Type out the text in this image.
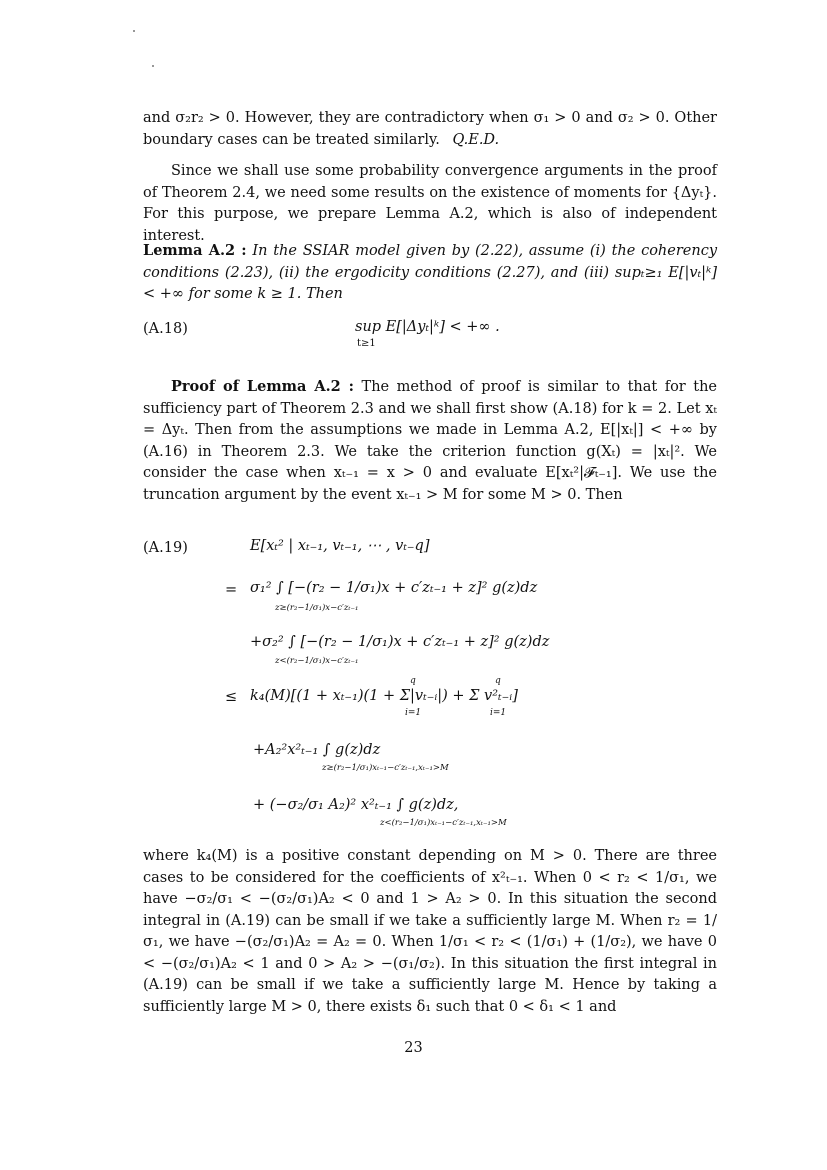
and σ₂r₂ > 0. However, they are contradictory when σ₁ > 0 and σ₂ > 0. Other boundary cases can be treated similarly. Q.E.D.
Since we shall use some probability convergence arguments in the proof of Theorem 2.4, we need some results on the existence of moments for {Δyₜ}. For this purpose, we prepare Lemma A.2, which is also of independent interest.
Lemma A.2 : In the SSIAR model given by (2.22), assume (i) the coherency conditions (2.23), (ii) the ergodicity conditions (2.27), and (iii) supₜ≥₁ E[|vₜ|ᵏ] < +∞ for some k ≥ 1. Then
(A.18)	sup E[|Δyₜ|ᵏ] < +∞ .
t≥1
Proof of Lemma A.2 : The method of proof is similar to that for the sufficiency part of Theorem 2.3 and we shall first show (A.18) for k = 2. Let xₜ = Δyₜ. Then from the assumptions we made in Lemma A.2, E[|xₜ|] < +∞ by (A.16) in Theorem 2.3. We take the criterion function g(Xₜ) = |xₜ|². We consider the case when xₜ₋₁ = x > 0 and evaluate E[xₜ²|𝓕ₜ₋₁]. We use the truncation argument by the event xₜ₋₁ > M for some M > 0. Then
(A.19)	E[xₜ² | xₜ₋₁, vₜ₋₁, ⋯ , vₜ₋q]
= σ₁² ∫ [−(r₂ − 1/σ₁)x + c′zₜ₋₁ + z]² g(z)dz
z≥(r₂−1/σ₁)x−c′zₜ₋₁
+σ₂² ∫ [−(r₂ − 1/σ₁)x + c′zₜ₋₁ + z]² g(z)dz
z<(r₂−1/σ₁)x−c′zₜ₋₁
≤ k₄(M)[(1 + xₜ₋₁)(1 + Σ|vₜ₋ᵢ|) + Σ v²ₜ₋ᵢ]
q	q
i=1	i=1
+A₂²x²ₜ₋₁ ∫ g(z)dz
z≥(r₂−1/σ₁)xₜ₋₁−c′zₜ₋₁,xₜ₋₁>M
+ (−σ₂/σ₁ A₂)² x²ₜ₋₁ ∫ g(z)dz,
z<(r₂−1/σ₁)xₜ₋₁−c′zₜ₋₁,xₜ₋₁>M
where k₄(M) is a positive constant depending on M > 0. There are three cases to be considered for the coefficients of x²ₜ₋₁. When 0 < r₂ < 1/σ₁, we have −σ₂/σ₁ < −(σ₂/σ₁)A₂ < 0 and 1 > A₂ > 0. In this situation the second integral in (A.19) can be small if we take a sufficiently large M. When r₂ = 1/σ₁, we have −(σ₂/σ₁)A₂ = A₂ = 0. When 1/σ₁ < r₂ < (1/σ₁) + (1/σ₂), we have 0 < −(σ₂/σ₁)A₂ < 1 and 0 > A₂ > −(σ₁/σ₂). In this situation the first integral in (A.19) can be small if we take a sufficiently large M. Hence by taking a sufficiently large M > 0, there exists δ₁ such that 0 < δ₁ < 1 and
23
